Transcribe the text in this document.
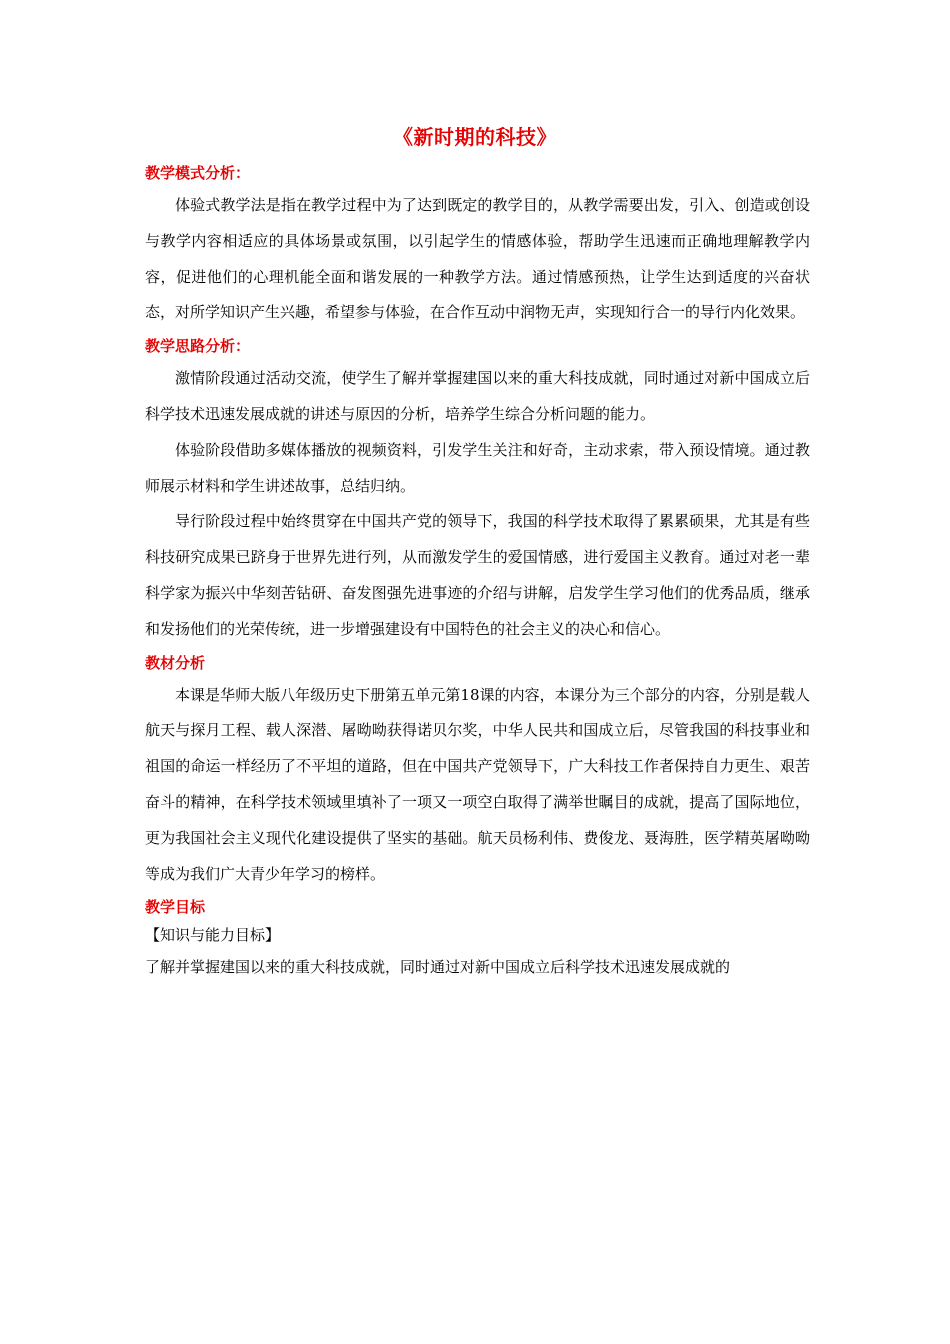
《新时期的科技》

教学模式分析：

体验式教学法是指在教学过程中为了达到既定的教学目的，从教学需要出发，引入、创造或创设与教学内容相适应的具体场景或氛围，以引起学生的情感体验，帮助学生迅速而正确地理解教学内容，促进他们的心理机能全面和谐发展的一种教学方法。通过情感预热，让学生达到适度的兴奋状态，对所学知识产生兴趣，希望参与体验，在合作互动中润物无声，实现知行合一的导行内化效果。

教学思路分析：

激情阶段通过活动交流，使学生了解并掌握建国以来的重大科技成就，同时通过对新中国成立后科学技术迅速发展成就的讲述与原因的分析，培养学生综合分析问题的能力。

体验阶段借助多媒体播放的视频资料，引发学生关注和好奇，主动求索，带入预设情境。通过教师展示材料和学生讲述故事，总结归纳。

导行阶段过程中始终贯穿在中国共产党的领导下，我国的科学技术取得了累累硕果，尤其是有些科技研究成果已跻身于世界先进行列，从而激发学生的爱国情感，进行爱国主义教育。通过对老一辈科学家为振兴中华刻苦钻研、奋发图强先进事迹的介绍与讲解，启发学生学习他们的优秀品质，继承和发扬他们的光荣传统，进一步增强建设有中国特色的社会主义的决心和信心。

教材分析

本课是华师大版八年级历史下册第五单元第18课的内容，本课分为三个部分的内容，分别是载人航天与探月工程、载人深潜、屠呦呦获得诺贝尔奖，中华人民共和国成立后，尽管我国的科技事业和祖国的命运一样经历了不平坦的道路，但在中国共产党领导下，广大科技工作者保持自力更生、艰苦奋斗的精神，在科学技术领域里填补了一项又一项空白取得了满举世瞩目的成就，提高了国际地位，更为我国社会主义现代化建设提供了坚实的基础。航天员杨利伟、费俊龙、聂海胜，医学精英屠呦呦等成为我们广大青少年学习的榜样。

教学目标

【知识与能力目标】

了解并掌握建国以来的重大科技成就，同时通过对新中国成立后科学技术迅速发展成就的
